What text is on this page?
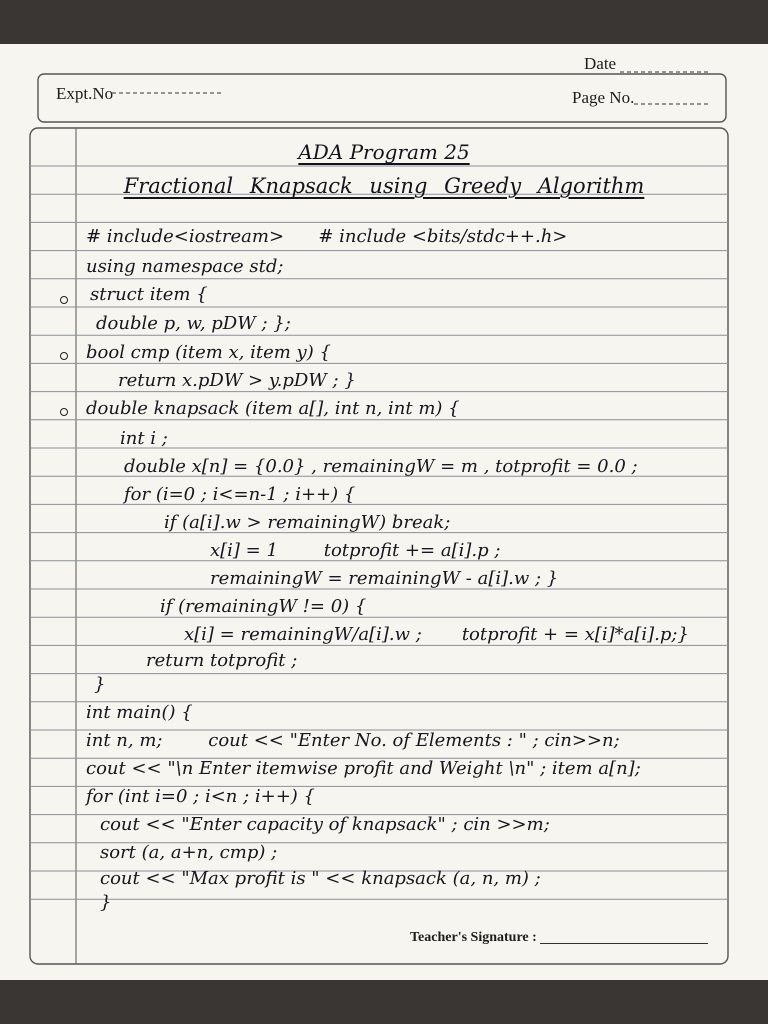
Date
Expt.No	Page No.
ADA Program 25
Fractional Knapsack using Greedy Algorithm
# include<iostream>      # include <bits/stdc++.h>
using namespace std;
struct item {
double p, w, pDW ; };
bool cmp (item x, item y) {
return x.pDW > y.pDW ; }
double knapsack (item a[], int n, int m) {
int i ;
double x[n] = {0.0} , remainingW = m , totprofit = 0.0 ;
for (i=0 ; i<=n-1 ; i++) {
if (a[i].w > remainingW) break;
x[i] = 1        totprofit += a[i].p ;
remainingW = remainingW - a[i].w ; }
if (remainingW != 0) {
x[i] = remainingW/a[i].w ;       totprofit + = x[i]*a[i].p;}
return totprofit ;
}
int main() {
int n, m;        cout << "Enter No. of Elements : " ; cin>>n;
cout << "\n Enter itemwise profit and Weight \n" ; item a[n];
for (int i=0 ; i<n ; i++) {
cout << "Enter capacity of knapsack" ; cin >>m;
sort (a, a+n, cmp) ;
cout << "Max profit is " << knapsack (a, n, m) ;
}
Teacher's Signature :
